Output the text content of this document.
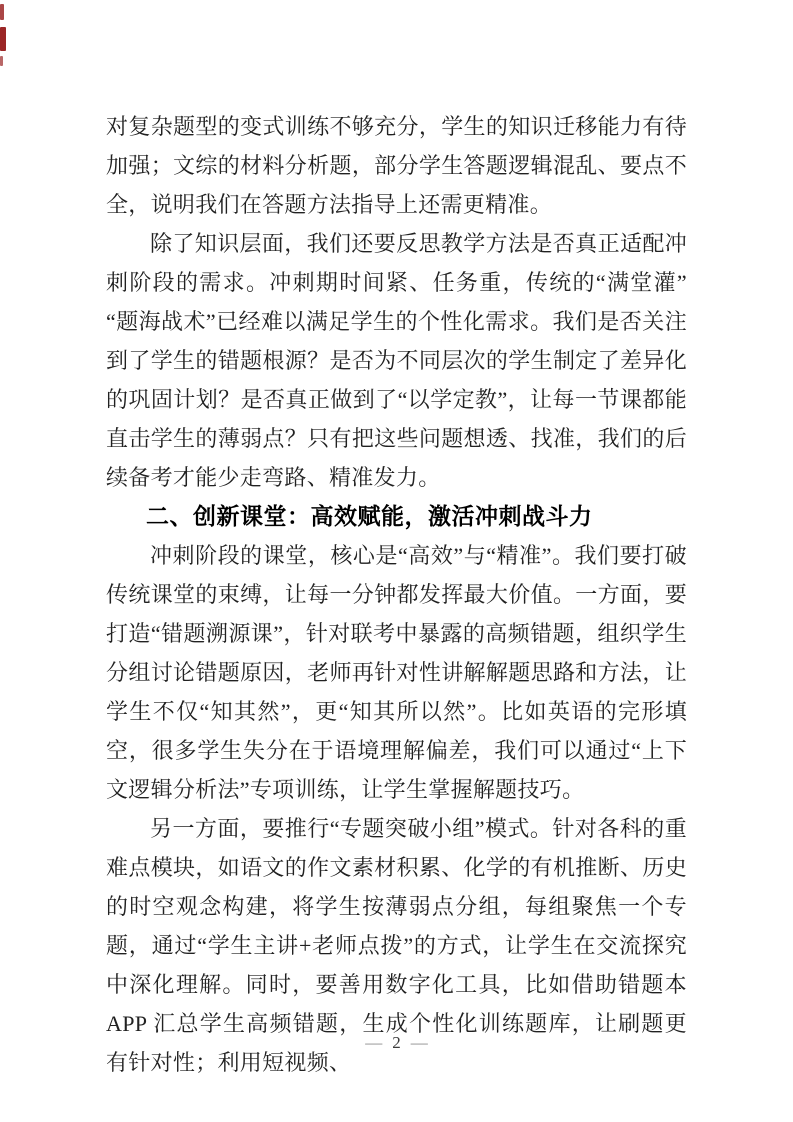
对复杂题型的变式训练不够充分，学生的知识迁移能力有待加强；文综的材料分析题，部分学生答题逻辑混乱、要点不全，说明我们在答题方法指导上还需更精准。

除了知识层面，我们还要反思教学方法是否真正适配冲刺阶段的需求。冲刺期时间紧、任务重，传统的“满堂灌”“题海战术”已经难以满足学生的个性化需求。我们是否关注到了学生的错题根源？是否为不同层次的学生制定了差异化的巩固计划？是否真正做到了“以学定教”，让每一节课都能直击学生的薄弱点？只有把这些问题想透、找准，我们的后续备考才能少走弯路、精准发力。

二、创新课堂：高效赋能，激活冲刺战斗力

冲刺阶段的课堂，核心是“高效”与“精准”。我们要打破传统课堂的束缚，让每一分钟都发挥最大价值。一方面，要打造“错题溯源课”，针对联考中暴露的高频错题，组织学生分组讨论错题原因，老师再针对性讲解解题思路和方法，让学生不仅“知其然”，更“知其所以然”。比如英语的完形填空，很多学生失分在于语境理解偏差，我们可以通过“上下文逻辑分析法”专项训练，让学生掌握解题技巧。

另一方面，要推行“专题突破小组”模式。针对各科的重难点模块，如语文的作文素材积累、化学的有机推断、历史的时空观念构建，将学生按薄弱点分组，每组聚焦一个专题，通过“学生主讲+老师点拨”的方式，让学生在交流探究中深化理解。同时，要善用数字化工具，比如借助错题本 APP 汇总学生高频错题，生成个性化训练题库，让刷题更有针对性；利用短视频、

— 2 —
